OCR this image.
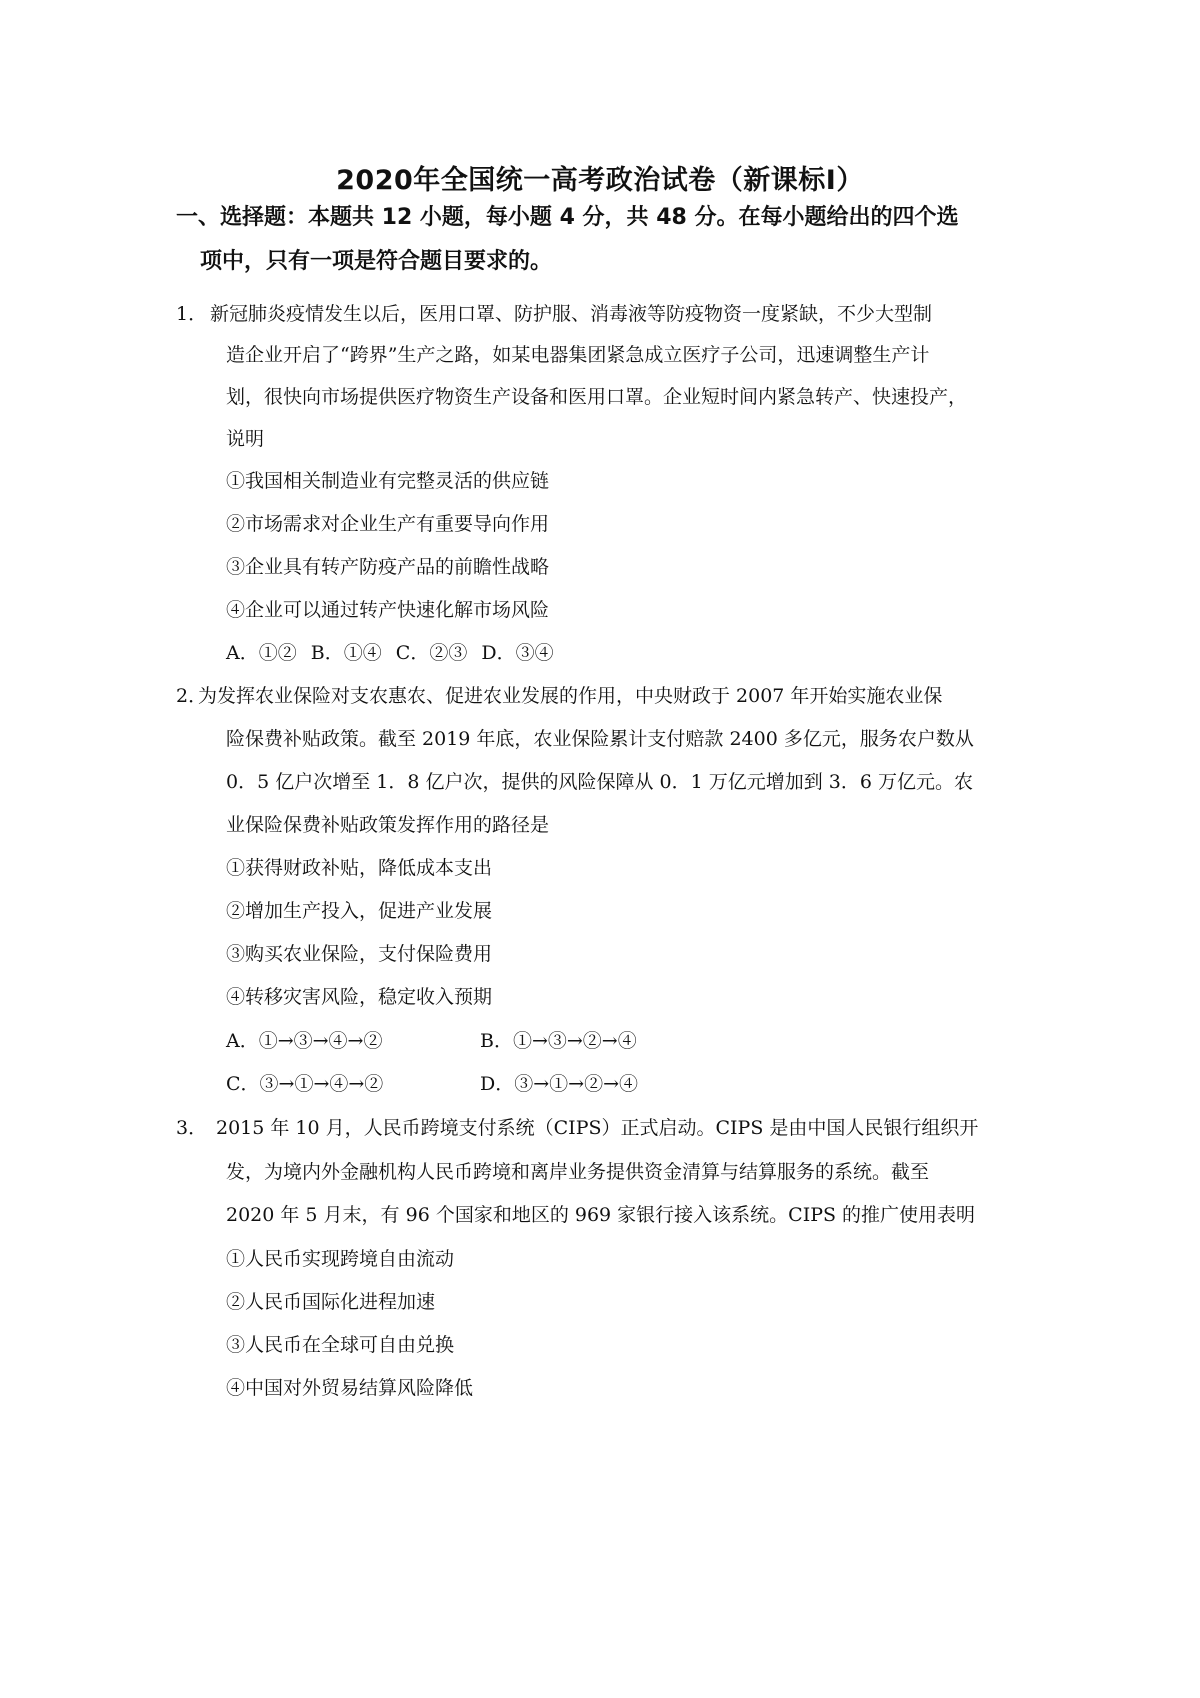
2020年全国统一高考政治试卷（新课标Ⅰ）
一、选择题：本题共 12 小题，每小题 4 分，共 48 分。在每小题给出的四个选
项中，只有一项是符合题目要求的。
1． 新冠肺炎疫情发生以后，医用口罩、防护服、消毒液等防疫物资一度紧缺，不少大型制
造企业开启了“跨界”生产之路，如某电器集团紧急成立医疗子公司，迅速调整生产计
划，很快向市场提供医疗物资生产设备和医用口罩。企业短时间内紧急转产、快速投产，
说明
①我国相关制造业有完整灵活的供应链
②市场需求对企业生产有重要导向作用
③企业具有转产防疫产品的前瞻性战略
④企业可以通过转产快速化解市场风险
A．①② B．①④ C．②③ D．③④
2．为发挥农业保险对支农惠农、促进农业发展的作用，中央财政于 2007 年开始实施农业保
险保费补贴政策。截至 2019 年底，农业保险累计支付赔款 2400 多亿元，服务农户数从
0．5 亿户次增至 1．8 亿户次，提供的风险保障从 0．1 万亿元增加到 3．6 万亿元。农
业保险保费补贴政策发挥作用的路径是
①获得财政补贴，降低成本支出
②增加生产投入，促进产业发展
③购买农业保险，支付保险费用
④转移灾害风险，稳定收入预期
A．①→③→④→②	B．①→③→②→④
C．③→①→④→②	D．③→①→②→④
3． 2015 年 10 月，人民币跨境支付系统（CIPS）正式启动。CIPS 是由中国人民银行组织开
发，为境内外金融机构人民币跨境和离岸业务提供资金清算与结算服务的系统。截至
2020 年 5 月末，有 96 个国家和地区的 969 家银行接入该系统。CIPS 的推广使用表明
①人民币实现跨境自由流动
②人民币国际化进程加速
③人民币在全球可自由兑换
④中国对外贸易结算风险降低
